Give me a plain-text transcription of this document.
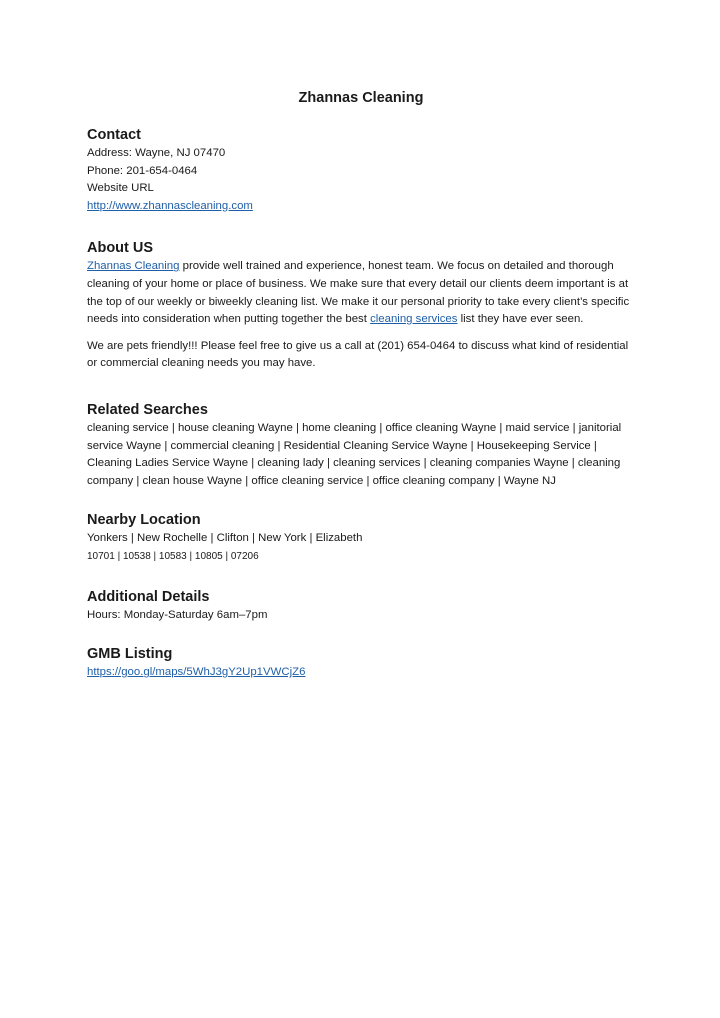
Zhannas Cleaning
Contact

Address: Wayne, NJ 07470

Phone: 201-654-0464

Website URL

http://www.zhannascleaning.com

About US

Zhannas Cleaning provide well trained and experience, honest team. We focus on detailed and thorough cleaning of your home or place of business. We make sure that every detail our clients deem important is at the top of our weekly or biweekly cleaning list. We make it our personal priority to take every client’s specific needs into consideration when putting together the best cleaning services list they have ever seen.

We are pets friendly!!! Please feel free to give us a call at (201) 654-0464 to discuss what kind of residential or commercial cleaning needs you may have.

Related Searches

cleaning service | house cleaning Wayne | home cleaning | office cleaning Wayne | maid service | janitorial service Wayne | commercial cleaning | Residential Cleaning Service Wayne | Housekeeping Service | Cleaning Ladies Service Wayne | cleaning lady | cleaning services | cleaning companies Wayne | cleaning company | clean house Wayne | office cleaning service | office cleaning company | Wayne NJ

Nearby Location

Yonkers | New Rochelle | Clifton | New York | Elizabeth

10701 | 10538 | 10583 | 10805 | 07206

Additional Details

Hours: Monday-Saturday 6am–7pm

GMB Listing

https://goo.gl/maps/5WhJ3gY2Up1VWCjZ6
